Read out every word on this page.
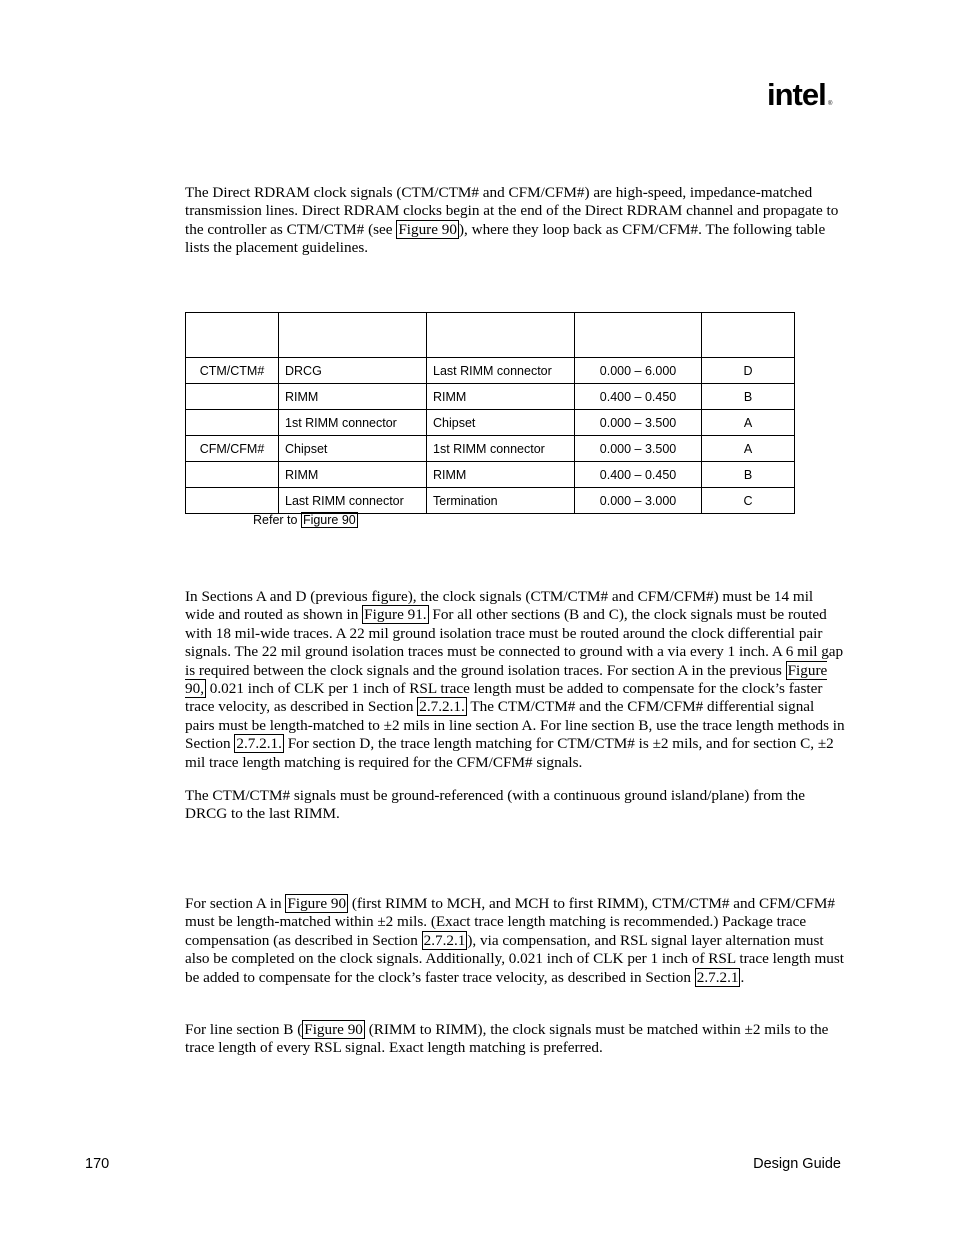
intel ®

The Direct RDRAM clock signals (CTM/CTM# and CFM/CFM#) are high-speed, impedance-matched transmission lines. Direct RDRAM clocks begin at the end of the Direct RDRAM channel and propagate to the controller as CTM/CTM# (see Figure 90 ), where they loop back as CFM/CFM#. The following table lists the placement guidelines.

CTM/CTM#	DRCG	Last RIMM connector	0.000 – 6.000	D
	RIMM	RIMM	0.400 – 0.450	B
	1st RIMM connector	Chipset	0.000 – 3.500	A
CFM/CFM#	Chipset	1st RIMM connector	0.000 – 3.500	A
	RIMM	RIMM	0.400 – 0.450	B
	Last RIMM connector	Termination	0.000 – 3.000	C
Refer to Figure 90

In Sections A and D (previous figure), the clock signals (CTM/CTM# and CFM/CFM#) must be 14 mil wide and routed as shown in Figure 91. For all other sections (B and C), the clock signals must be routed with 18 mil-wide traces. A 22 mil ground isolation trace must be routed around the clock differential pair signals. The 22 mil ground isolation traces must be connected to ground with a via every 1 inch. A 6 mil gap is required between the clock signals and the ground isolation traces. For section A in the previous Figure 90, 0.021 inch of CLK per 1 inch of RSL trace length must be added to compensate for the clock’s faster trace velocity, as described in Section 2.7.2.1. The CTM/CTM# and the CFM/CFM# differential signal pairs must be length-matched to ±2 mils in line section A. For line section B, use the trace length methods in Section 2.7.2.1. For section D, the trace length matching for CTM/CTM# is ±2 mils, and for section C, ±2 mil trace length matching is required for the CFM/CFM# signals.

The CTM/CTM# signals must be ground-referenced (with a continuous ground island/plane) from the DRCG to the last RIMM.

For section A in Figure 90 (first RIMM to MCH, and MCH to first RIMM), CTM/CTM# and CFM/CFM# must be length-matched within ±2 mils. (Exact trace length matching is recommended.) Package trace compensation (as described in Section 2.7.2.1 ), via compensation, and RSL signal layer alternation must also be completed on the clock signals. Additionally, 0.021 inch of CLK per 1 inch of RSL trace length must be added to compensate for the clock’s faster trace velocity, as described in Section 2.7.2.1 .

For line section B ( Figure 90 (RIMM to RIMM), the clock signals must be matched within ±2 mils to the trace length of every RSL signal. Exact length matching is preferred.

170	Design Guide
